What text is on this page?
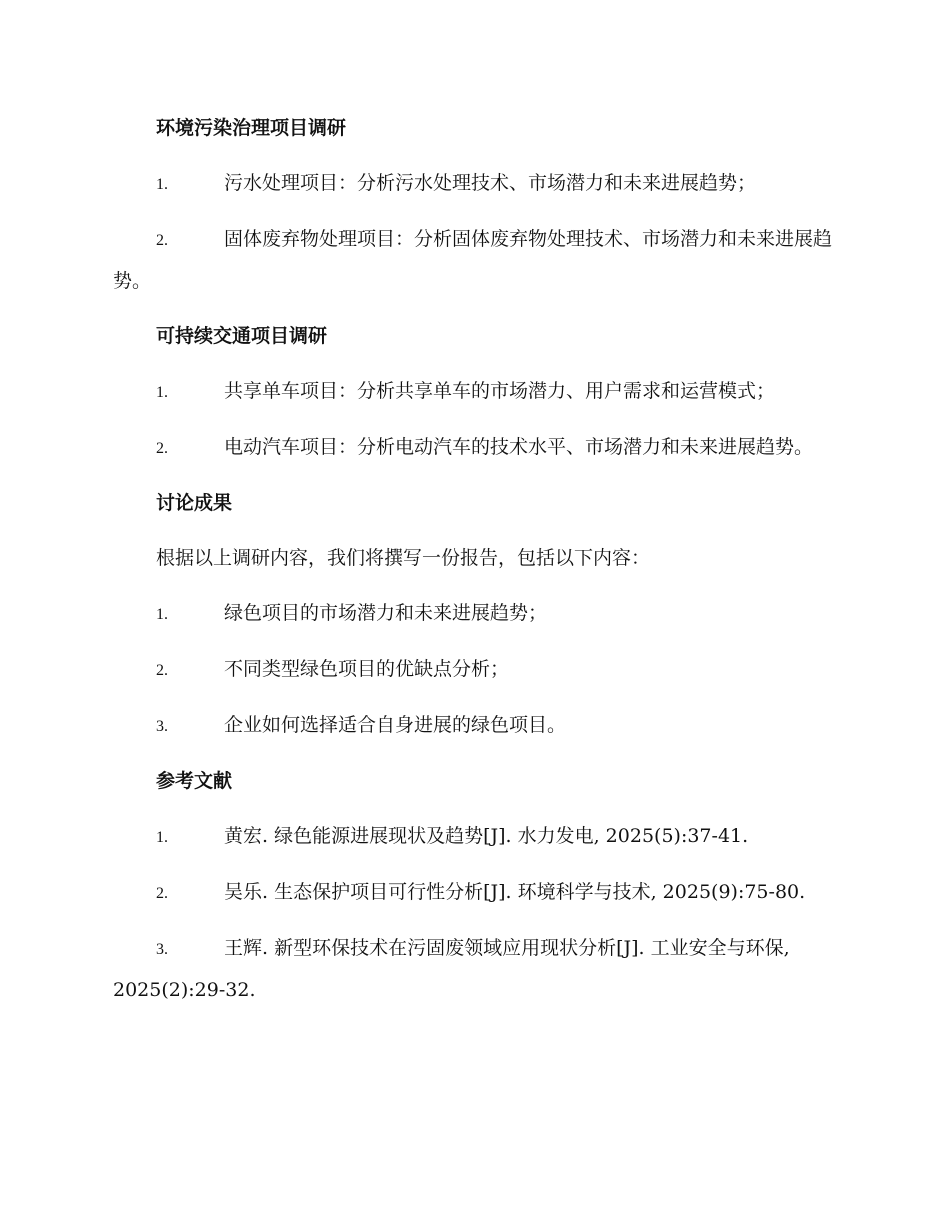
环境污染治理项目调研
1.	污水处理项目：分析污水处理技术、市场潜力和未来进展趋势；
2.	固体废弃物处理项目：分析固体废弃物处理技术、市场潜力和未来进展趋势。
可持续交通项目调研
1.	共享单车项目：分析共享单车的市场潜力、用户需求和运营模式；
2.	电动汽车项目：分析电动汽车的技术水平、市场潜力和未来进展趋势。
讨论成果
根据以上调研内容，我们将撰写一份报告，包括以下内容：
1.	绿色项目的市场潜力和未来进展趋势；
2.	不同类型绿色项目的优缺点分析；
3.	企业如何选择适合自身进展的绿色项目。
参考文献
1.	黄宏. 绿色能源进展现状及趋势[J]. 水力发电, 2025(5):37-41.
2.	吴乐. 生态保护项目可行性分析[J]. 环境科学与技术, 2025(9):75-80.
3.	王辉. 新型环保技术在污固废领域应用现状分析[J]. 工业安全与环保, 2025(2):29-32.
